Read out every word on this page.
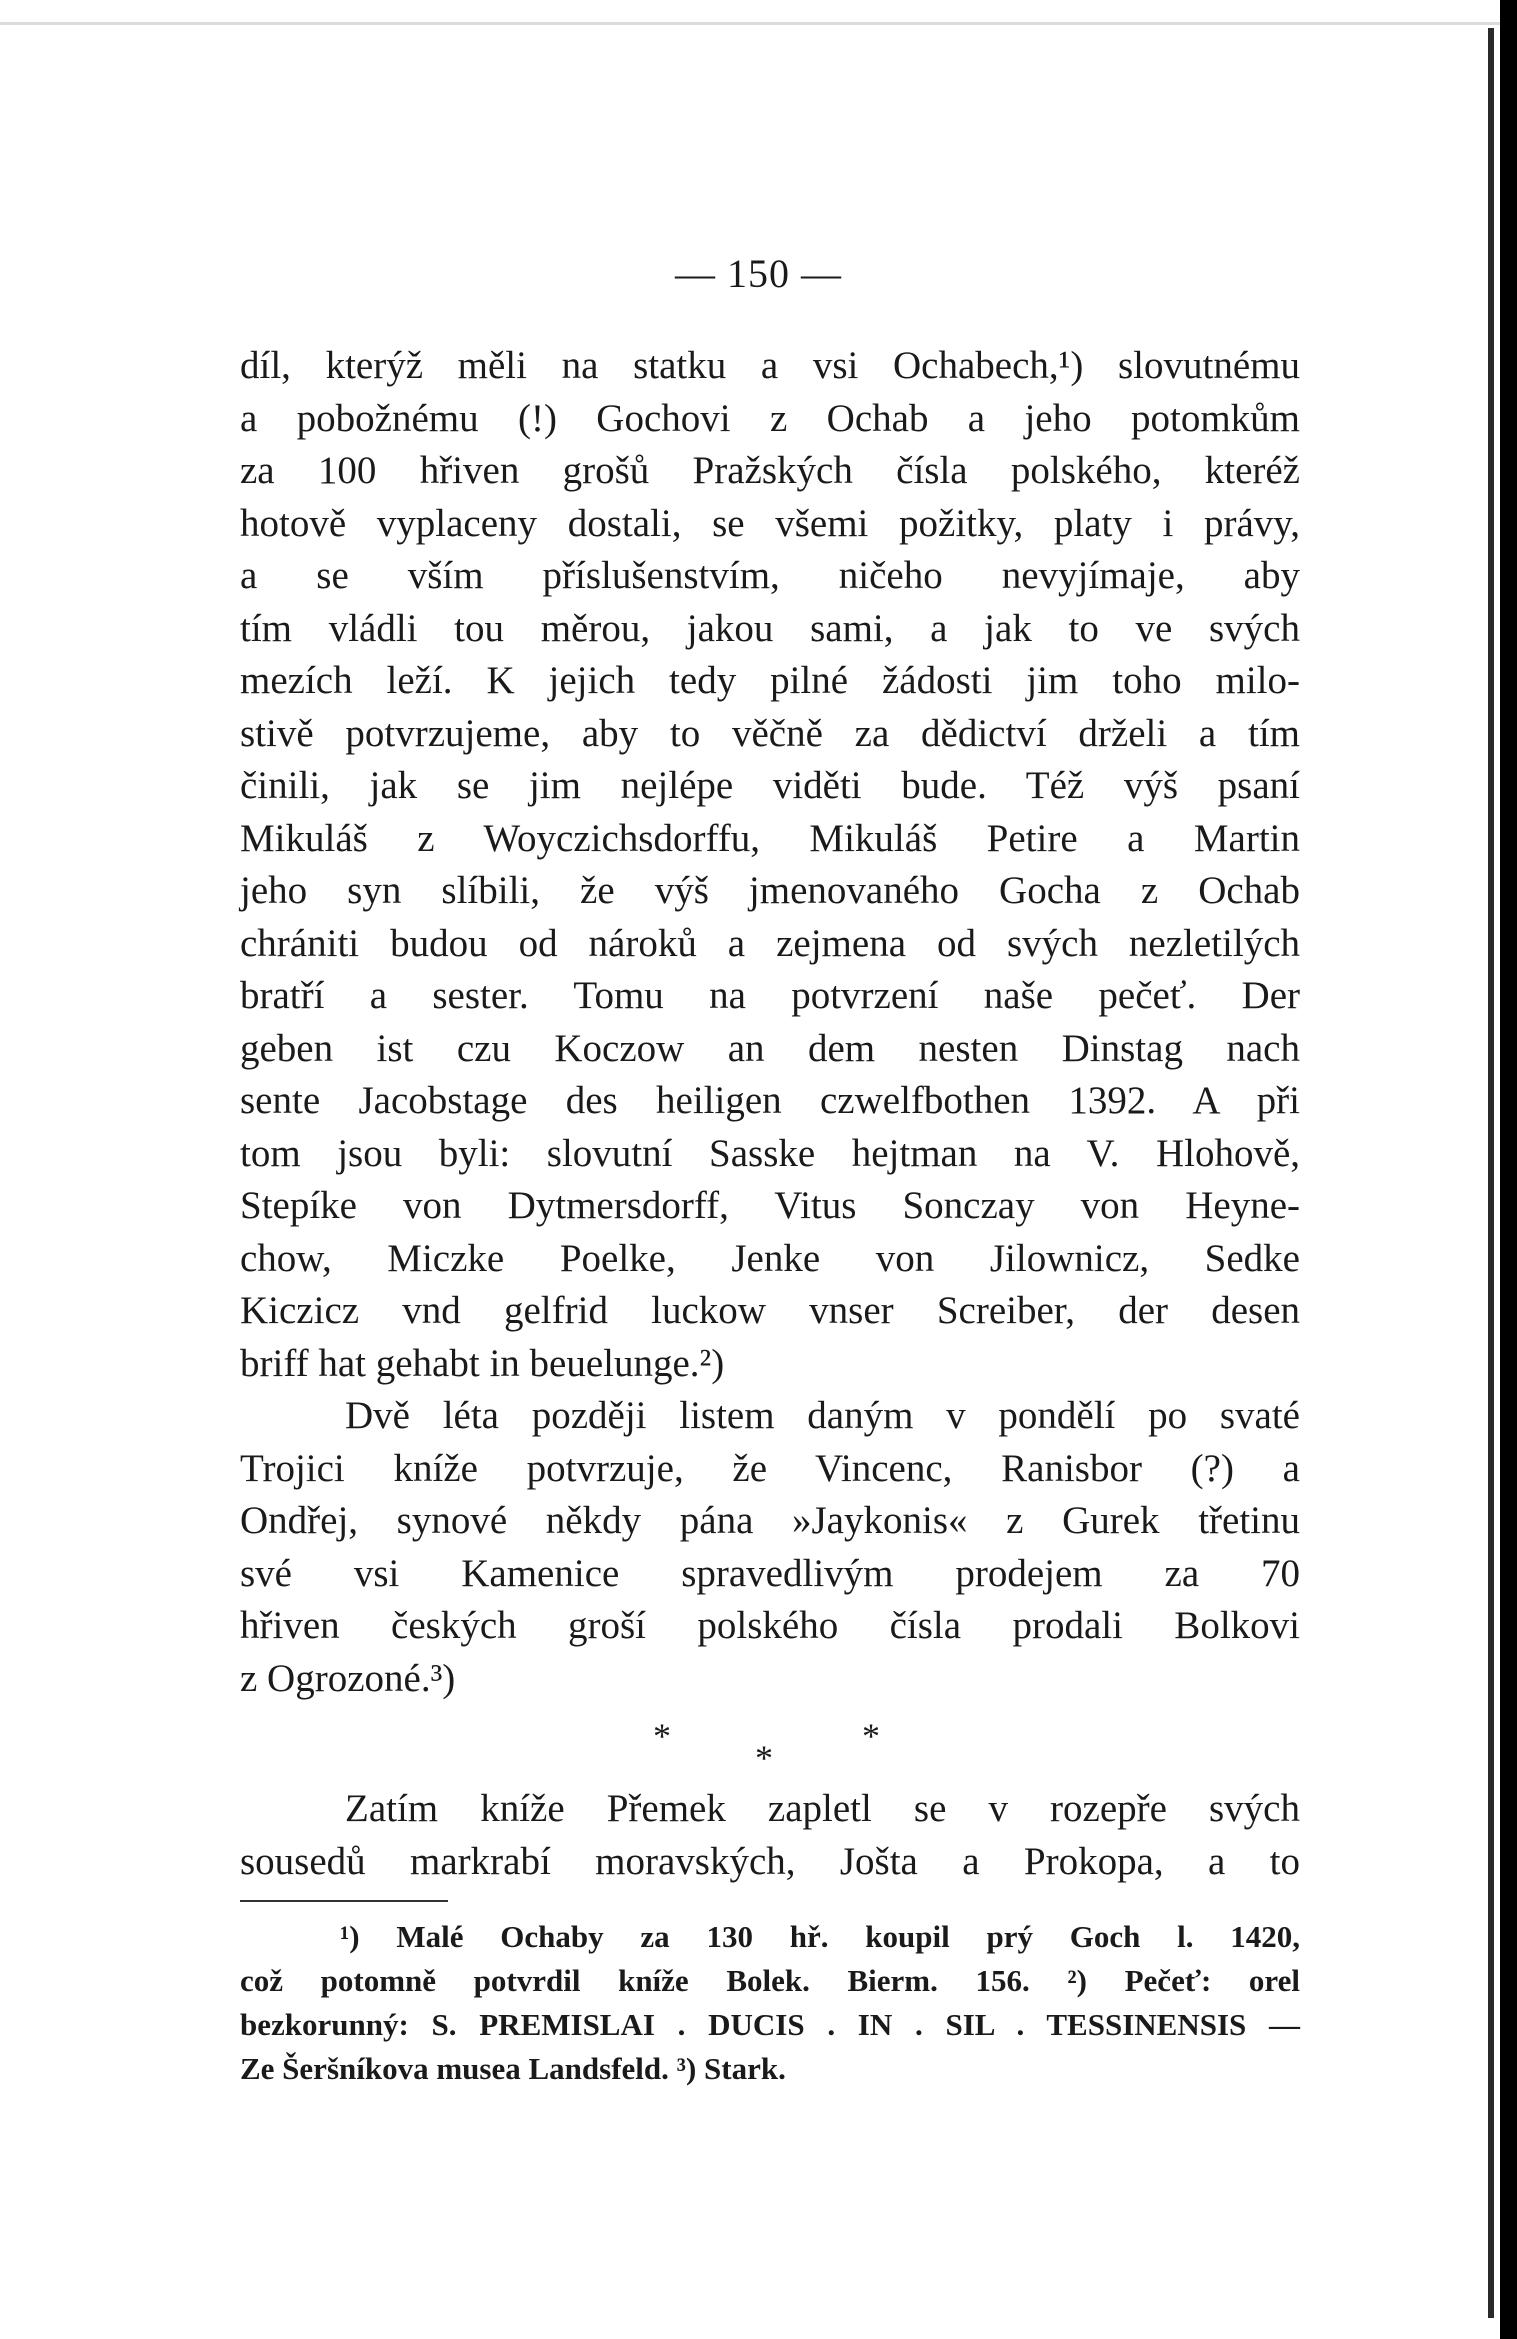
— 150 —
díl, kterýž měli na statku a vsi Ochabech,¹) slovutnému
a pobožnému (!) Gochovi z Ochab a jeho potomkům
za 100 hřiven grošů Pražských čísla polského, kteréž
hotově vyplaceny dostali, se všemi požitky, platy i právy,
a se vším příslušenstvím, ničeho nevyjímaje, aby
tím vládli tou měrou, jakou sami, a jak to ve svých
mezích leží. K jejich tedy pilné žádosti jim toho milo-
stivě potvrzujeme, aby to věčně za dědictví drželi a tím
činili, jak se jim nejlépe viděti bude. Též výš psaní
Mikuláš z Woyczichsdorffu, Mikuláš Petire a Martin
jeho syn slíbili, že výš jmenovaného Gocha z Ochab
chrániti budou od nároků a zejmena od svých nezletilých
bratří a sester. Tomu na potvrzení naše pečeť. Der
geben ist czu Koczow an dem nesten Dinstag nach
sente Jacobstage des heiligen czwelfbothen 1392. A při
tom jsou byli: slovutní Sasske hejtman na V. Hlohově,
Stepíke von Dytmersdorff, Vitus Sonczay von Heyne-
chow, Miczke Poelke, Jenke von Jilownicz, Sedke
Kiczicz vnd gelfrid luckow vnser Screiber, der desen
briff hat gehabt in beuelunge.²)
Dvě léta později listem daným v pondělí po svaté
Trojici kníže potvrzuje, že Vincenc, Ranisbor (?) a
Ondřej, synové někdy pána »Jaykonis« z Gurek třetinu
své vsi Kamenice spravedlivým prodejem za 70
hřiven českých groší polského čísla prodali Bolkovi
z Ogrozoné.³)
*
*
*
Zatím kníže Přemek zapletl se v rozepře svých
sousedů markrabí moravských, Jošta a Prokopa, a to
¹) Malé Ochaby za 130 hř. koupil prý Goch l. 1420,
což potomně potvrdil kníže Bolek. Bierm. 156. ²) Pečeť: orel
bezkorunný: S. PREMISLAI . DUCIS . IN . SIL . TESSINENSIS —
Ze Šeršníkova musea Landsfeld. ³) Stark.
